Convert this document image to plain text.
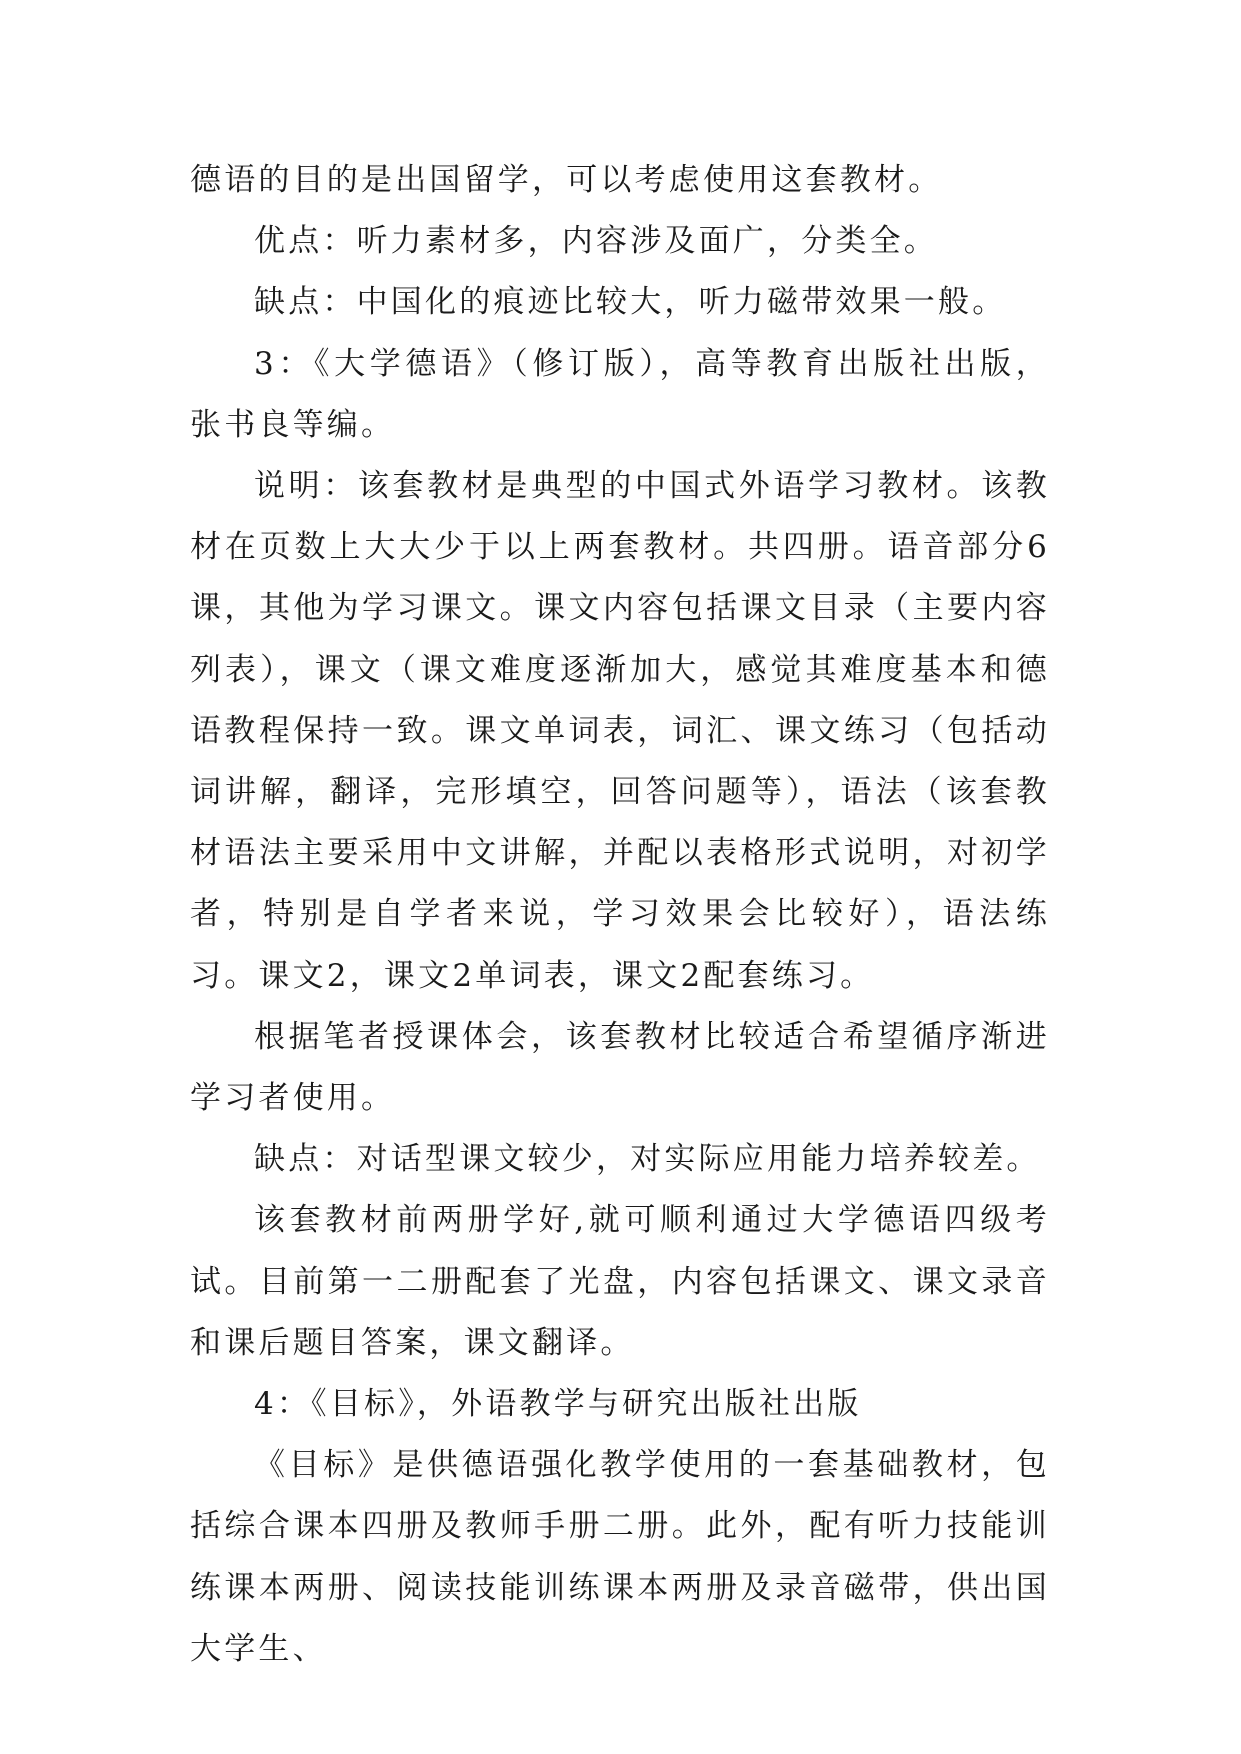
德语的目的是出国留学，可以考虑使用这套教材。

优点：听力素材多，内容涉及面广，分类全。

缺点：中国化的痕迹比较大，听力磁带效果一般。

3：《大学德语》（修订版），高等教育出版社出版，张书良等编。

说明：该套教材是典型的中国式外语学习教材。该教材在页数上大大少于以上两套教材。共四册。语音部分6课，其他为学习课文。课文内容包括课文目录（主要内容列表），课文（课文难度逐渐加大，感觉其难度基本和德语教程保持一致。课文单词表，词汇、课文练习（包括动词讲解，翻译，完形填空，回答问题等），语法（该套教材语法主要采用中文讲解，并配以表格形式说明，对初学者，特别是自学者来说，学习效果会比较好），语法练习。课文2，课文2单词表，课文2配套练习。

根据笔者授课体会，该套教材比较适合希望循序渐进学习者使用。

缺点：对话型课文较少，对实际应用能力培养较差。

该套教材前两册学好,就可顺利通过大学德语四级考试。目前第一二册配套了光盘，内容包括课文、课文录音和课后题目答案，课文翻译。

4：《目标》，外语教学与研究出版社出版

《目标》是供德语强化教学使用的一套基础教材，包括综合课本四册及教师手册二册。此外，配有听力技能训练课本两册、阅读技能训练课本两册及录音磁带，供出国大学生、
